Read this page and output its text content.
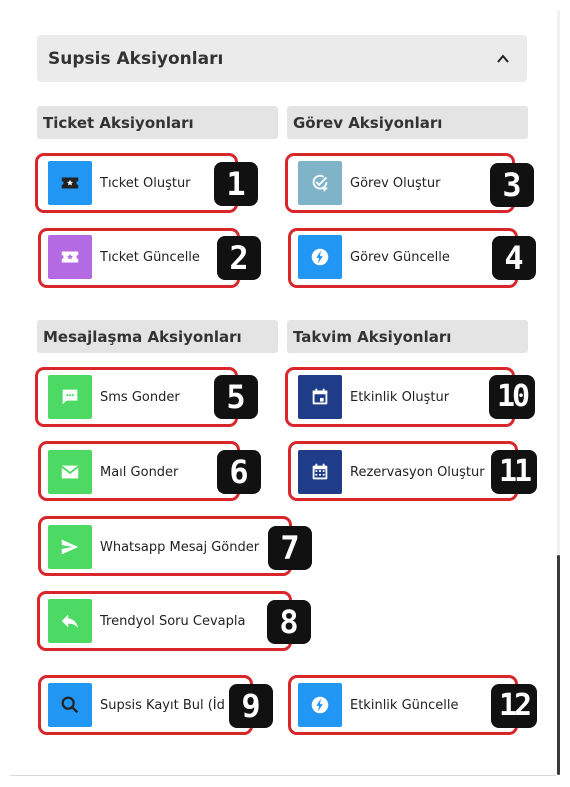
Supsis Aksiyonları
Ticket Aksiyonları	Görev Aksiyonları
Mesajlaşma Aksiyonları	Takvim Aksiyonları
Tıcket Oluştur	1
Tıcket Güncelle 2
Görev Oluştur	3
Görev Güncelle	4
Sms Gonder	5
Maıl Gonder	6
Whatsapp Mesaj Gönder 7
Trendyol Soru Cevapla	8
Supsis Kayıt Bul (İd 9
Etkinlik Oluştur 10
Rezervasyon Oluştur 11
Etkinlik Güncelle 12
